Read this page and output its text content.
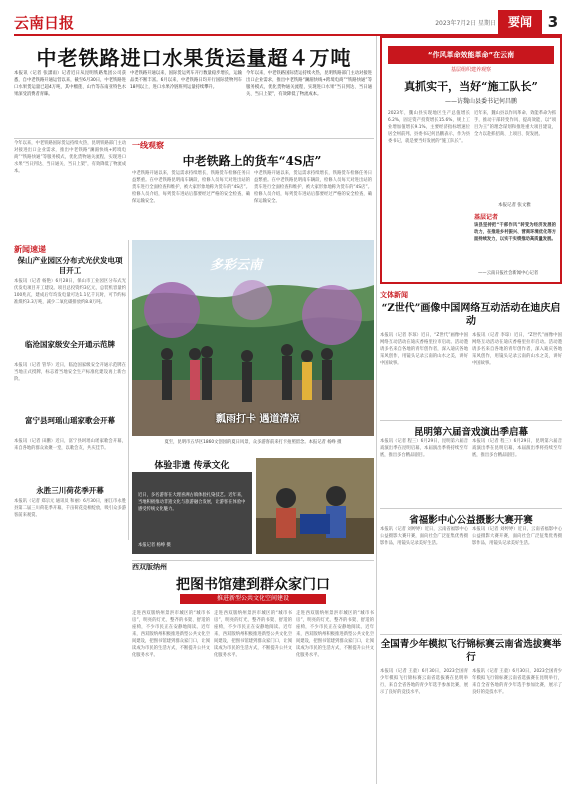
云南日报	2023年7月2日 星期日 要闻	3
中老铁路进口水果货运量超４万吨
本报讯（记者 张潇雨）记者近日从昆明铁路集团公司获悉，自中老铁路开通运营以来，截至6月30日，中老铁路进口水果货运量已超4万吨，其中榴莲、山竹等东南亚特色水果深受消费者青睐。
中老铁路开通以来，国际货运列车开行数量稳步增长，运输品类不断丰富。6月以来，中老铁路日均开行国际货物列车18列以上，进口水果冷链班列运量持续攀升。
今年以来，中老铁路国际货运持续火热，昆明铁路部门主动对接进出口企业需求，推出中老铁路“澜湄快线+跨境电商”“铁路快通”等服务模式，优化货物通关流程，实现进口水果“当日到达、当日通关、当日上架”，有效降低了物流成本。
今年以来，中老铁路国际货运持续火热，昆明铁路部门主动对接进出口企业需求，推出中老铁路“澜湄快线+跨境电商”“铁路快通”等服务模式，优化货物通关流程，实现进口水果“当日到达、当日通关、当日上架”，有效降低了物流成本。
一线观察
中老铁路上的货车“4S店”
中老铁路开通以来，货运需求持续增长，铁路货车检修任务日益繁重。在中老铁路昆明南车辆段，检修人员每天对进出站的货车进行全面检查和维护，被大家形象地称为货车的“4S店”。检修人员介绍，每列货车进站后都要经过严格的安全检查，确保运输安全。
中老铁路开通以来，货运需求持续增长，铁路货车检修任务日益繁重。在中老铁路昆明南车辆段，检修人员每天对进出站的货车进行全面检查和维护，被大家形象地称为货车的“4S店”。检修人员介绍，每列货车进站后都要经过严格的安全检查，确保运输安全。
新闻速递
保山产业园区分布式光伏发电项目开工
本报讯（记者 杨艳）6月28日，保山市工业园区分布式光伏发电项目开工建设。项目总投资约3亿元，总装机容量约100兆瓦，建成后年均发电量可达1.1亿千瓦时，可节约标准煤约3.3万吨，减少二氧化碳排放约8.8万吨。
临沧国家级安全开通示范牌
本报讯（记者 管华）近日，临沧国家级安全开通示范牌在当地正式授牌，标志着当地安全生产标准化建设再上新台阶。
富宁县珂瑶山瑶家歌会开幕
本报讯（记者 田鹏）近日，富宁县珂瑶山瑶家歌会开幕，来自各地的群众欢聚一堂，以歌会友，共庆佳节。
永胜三川荷花季开幕
本报讯（记者 郑宗元 通讯员 和丽）6月30日，丽江市永胜县第二届三川荷花季开幕，千亩荷花竞相绽放，吸引众多游客前来观赏。
多彩云南
瓢雨打卡 遇道清凉
夏至，昆明市五华区1860文创园的夏日风景，众多游客前来打卡拍照留念。本报记者 杨峥 摄
体验非遗 传承文化
近日，多名游客在大理喜洲古镇体验扎染技艺。近年来，当地积极推动非遗文化与旅游融合发展，让游客在体验中感受传统文化魅力。
本报记者 杨峥 摄
西双版纳州
把图书馆建到群众家门口
推进新型公共文化空间建设
走进西双版纳州景洪市城区的“城市书房”，明亮的灯光、整齐的书架、舒适的座椅，不少市民正在安静地阅读。近年来，西双版纳州积极推进新型公共文化空间建设，把图书馆建到群众家门口，让阅读成为市民的生活方式，不断提升公共文化服务水平。
走进西双版纳州景洪市城区的“城市书房”，明亮的灯光、整齐的书架、舒适的座椅，不少市民正在安静地阅读。近年来，西双版纳州积极推进新型公共文化空间建设，把图书馆建到群众家门口，让阅读成为市民的生活方式，不断提升公共文化服务水平。
走进西双版纳州景洪市城区的“城市书房”，明亮的灯光、整齐的书架、舒适的座椅，不少市民正在安静地阅读。近年来，西双版纳州积极推进新型公共文化空间建设，把图书馆建到群众家门口，让阅读成为市民的生活方式，不断提升公共文化服务水平。
“作风革命效能革命”在云南
基层组织建养观察
真抓实干，当好“施工队长”
——访魏山县委书记何昌鹏
2023年，魏山县实现地区生产总值增长6.2%，固定资产投资增长15.6%，规上工业增加值增长9.1%，主要经济指标增速位居全州前列。县委书记何昌鹏表示，作为县委书记，就是要当好发展的“施工队长”。
近年来，魏山县以作风革命、效能革命为抓手，推动干部转变作风、提高效能，以“项目为王”的理念谋划和推进重大项目建设，全力以赴抓招商、上项目、促发展。
本报记者 张文雅
基层记者
该县坚持把“干部作风”转变为经济发展的动力，在推进乡村振兴、营商环境优化等方面持续发力，以实干实绩推动高质量发展。
——云南日报社会新闻中心记者
文体新闻
“Z世代”画像中国网络互动活动在迪庆启动
本报讯（记者 李琼）近日，“Z世代”画像中国网络互动活动在迪庆香格里拉市启动。活动邀请多名来自各地的青年创作者，深入迪庆各地采风创作，用镜头记录云南的山水之美，讲好中国故事。
本报讯（记者 李琼）近日，“Z世代”画像中国网络互动活动在迪庆香格里拉市启动。活动邀请多名来自各地的青年创作者，深入迪庆各地采风创作，用镜头记录云南的山水之美，讲好中国故事。
昆明第六届音戏演出季启幕
本报讯（记者 程三）6月29日，昆明第六届音戏演出季在昆明启幕，本届演出季将持续至年底，推出多台精品剧目。
本报讯（记者 程三）6月29日，昆明第六届音戏演出季在昆明启幕，本届演出季将持续至年底，推出多台精品剧目。
省福影中心公益摄影大赛开赛
本报讯（记者 刘婷婷）近日，云南省福影中心公益摄影大赛开赛，面向社会广泛征集优秀摄影作品，用镜头记录美好生活。
本报讯（记者 刘婷婷）近日，云南省福影中心公益摄影大赛开赛，面向社会广泛征集优秀摄影作品，用镜头记录美好生活。
全国青少年模拟飞行锦标赛云南省选拔赛举行
本报讯（记者 王童）6月30日，2023全国青少年模拟飞行锦标赛云南省选拔赛在昆明举行，来自全省各地的青少年选手参加比赛，展示了良好的竞技水平。
本报讯（记者 王童）6月30日，2023全国青少年模拟飞行锦标赛云南省选拔赛在昆明举行，来自全省各地的青少年选手参加比赛，展示了良好的竞技水平。
